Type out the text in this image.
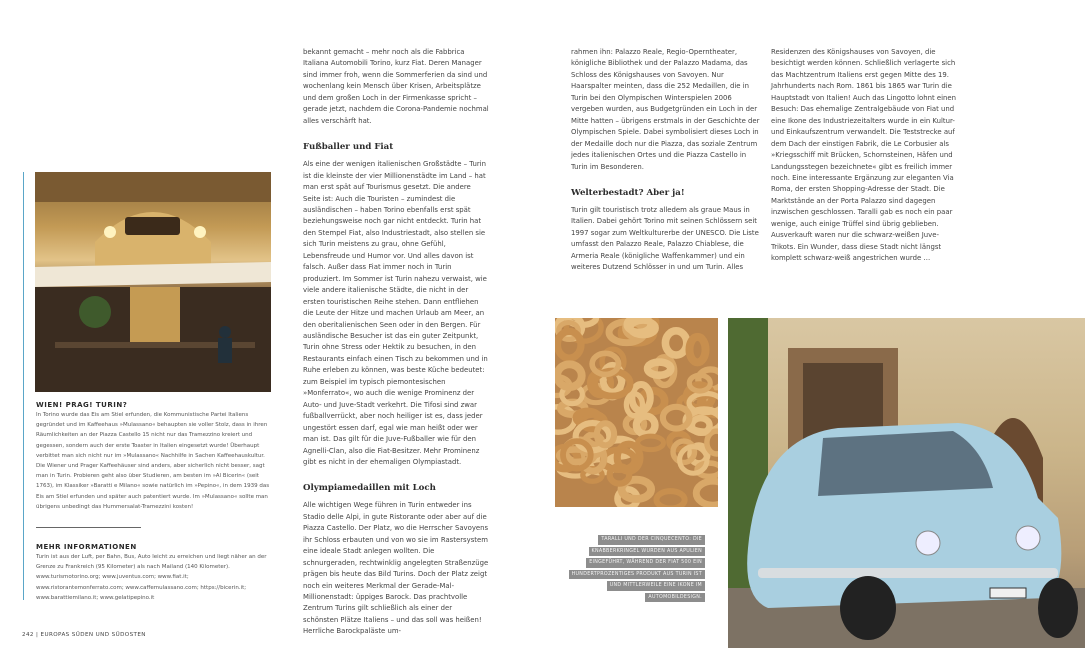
WIEN! PRAG! TURIN?

In Torino wurde das Eis am Stiel erfunden, die Kommunistische Partei Italiens gegründet und im Kaffeehaus »Mulassano« behaupten sie voller Stolz, dass in ihren Räumlichkeiten an der Piazza Castello 15 nicht nur das Tramezzino kreiert und gegessen, sondern auch der erste Toaster in Italien eingesetzt wurde! Überhaupt verbittet man sich nicht nur im »Mulassano« Nachhilfe in Sachen Kaffeehauskultur. Die Wiener und Prager Kaffeehäuser sind anders, aber sicherlich nicht besser, sagt man in Turin. Probieren geht also über Studieren, am besten im »Al Bicerin« (seit 1763), im Klassiker »Baratti e Milano« sowie natürlich im »Pepino«, in dem 1939 das Eis am Stiel erfunden und später auch patentiert wurde. Im »Mulassano« sollte man übrigens unbedingt das Hummersalat-Tramezzini kosten!

MEHR INFORMATIONEN

Turin ist aus der Luft, per Bahn, Bus, Auto leicht zu erreichen und liegt näher an der Grenze zu Frankreich (95 Kilometer) als nach Mailand (140 Kilometer).

www.turismotorino.org; www.juventus.com; www.fiat.it; www.ristorantemonferrato.com; www.caffemulassano.com; https://bicerin.it; www.barattiemilano.it; www.gelatipepino.it

242 | EUROPAS SÜDEN UND SÜDOSTEN

bekannt gemacht – mehr noch als die Fabbrica Italiana Automobili Torino, kurz Fiat. Deren Manager sind immer froh, wenn die Sommerferien da sind und wochenlang kein Mensch über Krisen, Arbeitsplätze und dem großen Loch in der Firmenkasse spricht – gerade jetzt, nachdem die Corona-Pandemie nochmal alles verschärft hat.

Fußballer und Fiat

Als eine der wenigen italienischen Großstädte – Turin ist die kleinste der vier Millionenstädte im Land – hat man erst spät auf Tourismus gesetzt. Die andere Seite ist: Auch die Touristen – zumindest die ausländischen – haben Torino ebenfalls erst spät beziehungsweise noch gar nicht entdeckt. Turin hat den Stempel Fiat, also Industriestadt, also stellen sie sich Turin meistens zu grau, ohne Gefühl, Lebensfreude und Humor vor. Und alles davon ist falsch. Außer dass Fiat immer noch in Turin produziert. Im Sommer ist Turin nahezu verwaist, wie viele andere italienische Städte, die nicht in der ersten touristischen Reihe stehen. Dann entfliehen die Leute der Hitze und machen Urlaub am Meer, an den oberitalienischen Seen oder in den Bergen. Für ausländische Besucher ist das ein guter Zeitpunkt, Turin ohne Stress oder Hektik zu besuchen, in den Restaurants einfach einen Tisch zu bekommen und in Ruhe erleben zu können, was beste Küche bedeutet: zum Beispiel im typisch piemontesischen »Monferrato«, wo auch die wenige Prominenz der Auto- und Juve-Stadt verkehrt. Die Tifosi sind zwar fußballverrückt, aber noch heiliger ist es, dass jeder ungestört essen darf, egal wie man heißt oder wer man ist. Das gilt für die Juve-Fußballer wie für den Agnelli-Clan, also die Fiat-Besitzer. Mehr Prominenz gibt es nicht in der ehemaligen Olympiastadt.

Olympiamedaillen mit Loch

Alle wichtigen Wege führen in Turin entweder ins Stadio delle Alpi, in gute Ristorante oder aber auf die Piazza Castello. Der Platz, wo die Herrscher Savoyens ihr Schloss erbauten und von wo sie im Rastersystem eine ideale Stadt anlegen wollten. Die schnurgeraden, rechtwinklig angelegten Straßenzüge prägen bis heute das Bild Turins. Doch der Platz zeigt noch ein weiteres Merkmal der Gerade-Mal-Millionenstadt: üppiges Barock. Das prachtvolle Zentrum Turins gilt schließlich als einer der schönsten Plätze Italiens – und das soll was heißen! Herrliche Barockpaläste um-

rahmen ihn: Palazzo Reale, Regio-Operntheater, königliche Bibliothek und der Palazzo Madama, das Schloss des Königshauses von Savoyen. Nur Haarspalter meinten, dass die 252 Medaillen, die in Turin bei den Olympischen Winterspielen 2006 vergeben wurden, aus Budgetgründen ein Loch in der Mitte hatten – übrigens erstmals in der Geschichte der Olympischen Spiele. Dabei symbolisiert dieses Loch in der Medaille doch nur die Piazza, das soziale Zentrum jedes italienischen Ortes und die Piazza Castello in Turin im Besonderen.

Welterbestadt? Aber ja!

Turin gilt touristisch trotz alledem als graue Maus in Italien. Dabei gehört Torino mit seinen Schlössern seit 1997 sogar zum Weltkulturerbe der UNESCO. Die Liste umfasst den Palazzo Reale, Palazzo Chiablese, die Armeria Reale (königliche Waffenkammer) und ein weiteres Dutzend Schlösser in und um Turin. Alles

Residenzen des Königshauses von Savoyen, die besichtigt werden können. Schließlich verlagerte sich das Machtzentrum Italiens erst gegen Mitte des 19. Jahrhunderts nach Rom. 1861 bis 1865 war Turin die Hauptstadt von Italien! Auch das Lingotto lohnt einen Besuch: Das ehemalige Zentralgebäude von Fiat und eine Ikone des Industriezeitalters wurde in ein Kultur- und Einkaufszentrum verwandelt. Die Teststrecke auf dem Dach der einstigen Fabrik, die Le Corbusier als »Kriegsschiff mit Brücken, Schornsteinen, Häfen und Landungsstegen bezeichnete« gibt es freilich immer noch. Eine interessante Ergänzung zur eleganten Via Roma, der ersten Shopping-Adresse der Stadt. Die Marktstände an der Porta Palazzo sind dagegen inzwischen geschlossen. Taralli gab es noch ein paar wenige, auch einige Trüffel sind übrig geblieben. Ausverkauft waren nur die schwarz-weißen Juve-Trikots. Ein Wunder, dass diese Stadt nicht längst komplett schwarz-weiß angestrichen wurde …

TARALLI UND DER CINQUECENTO: DIE
KNABBERKRINGEL WURDEN AUS APULIEN
EINGEFÜHRT, WÄHREND DER FIAT 500 EIN
HUNDERTPROZENTIGES PRODUKT AUS TURIN IST
UND MITTLERWEILE EINE IKONE IM
AUTOMOBILDESIGN.
